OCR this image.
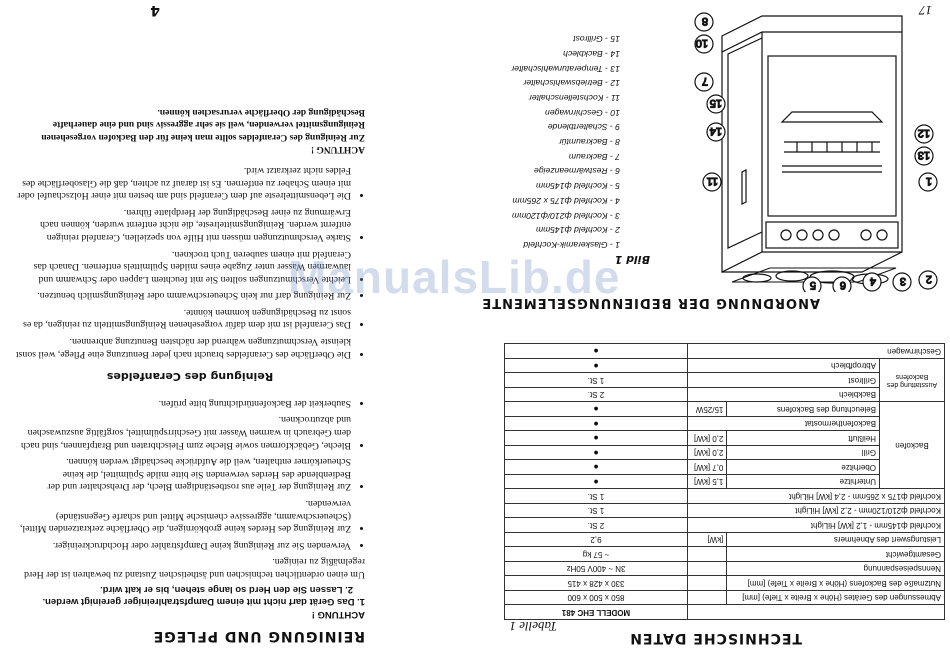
17
4
REINIGUNG UND PFLEGE
ACHTUNG !
1. Das Gerät darf nicht mit einem Dampfstrahlreiniger gereinigt werden.
2. Lassen Sie den Herd so lange stehen, bis er kalt wird.

Um einen ordentlichen technischen und ästhetischen Zustand zu bewahren ist der Herd regelmäßig zu reinigen.

• Verwenden Sie zur Reinigung keine Dampfstrahler oder Hochdruckreiniger.
• Zur Reinigung des Herdes keine grobkörnigen, die Oberfläche zerkratzenden Mittel, (Scheuerschwamm, aggressive chemische Mittel und scharfe Gegenstände) verwenden.
• Zur Reinigung der Teile aus rostbeständigem Blech, der Drehschalter und der Bedienblende des Herdes verwenden Sie bitte milde Spülmittel, die keine Scheuerkörner enthalten, weil die Aufdrücke beschädigt werden können.
• Bleche, Gebäckformen sowie Bleche zum Fleischbraten und Bratpfannen, sind nach dem Gebrauch in warmen Wasser mit Geschirrspülmittel, sorgfältig auszuwaschen und abzutrocknen.
• Sauberkeit der Backofentürdichtung bitte prüfen.
Reinigung des Ceranfeldes
• Die Oberfläche des Ceranfeldes braucht nach jeder Benutzung eine Pflege, weil sonst kleinste Verschmutzungen während der nächsten Benutzung anbrennen.
• Das Ceranfeld ist mit dem dafür vorgesehenen Reinigungsmitteln zu reinigen, da es sonst zu Beschädigungen kommen könnte.
• Zur Reinigung darf nur kein Scheuerschwamm oder Reinigungsmilch benutzen.
• Leichte Verschmutzungen sollten Sie mit feuchtem Lappen oder Schwamm und lauwarmen Wasser unter Zugabe eines milden Spülmittels entfernen. Danach das Ceranfeld mit einem sauberen Tuch trocknen.
• Starke Verschmutzungen müssen mit Hilfe von speziellen, Ceranfeld reinigen entfernt werden. Reinigungsmittelreste, die nicht entfernt wurden, können nach Erwärmung zu einer Beschädigung der Herdplatte führen.
• Die Lebensmittelreste auf dem Ceranfeld sind am besten mit einer Holzschaufel oder mit einem Schaber zu entfernen. Es ist darauf zu achten, daß die Glasoberfläche des Feldes nicht zerkratzt wird.
ACHTUNG !
Zur Reinigung des Ceranfeldes sollte man keine für den Backofen vorgesehenen Reinigungsmittel verwenden, weil sie sehr aggressiv sind und eine dauerhafte Beschädigung der Oberfläche verursachen können.
TECHNISCHE DATEN
Tabelle 1
			MODELL EHC 481
Abmessungen des Gerätes (Höhe x Breite x Tiefe) [mm]			850 x 500 x 600
Nutzmaße des Backofens (Höhe x Breite x Tiefe) [mm]			330 x 428 x 415
Nennspeisespannung			3N ~ 400V 50Hz
Gesamtgewicht			~ 57 kg
Leistungswert des Abnehmers		[kW]	9,2
Kochfeld ф145mm - 1,2 [kW] HiLight			2 St.
Kochfeld ф210/120mm - 2,2 [kW] HiLight			1 St.
Kochfeld ф175 x 265mm - 2,4 [kW] HiLight			1 St.
Backofen	Unterhitze	1,5 [kW]	●
	Oberhitze	0,7 [kW]	●
	Grill	2,0 [kW]	●
	Heißluft	2,0 [kW]	●
	Backofenthermostat		●
	Beleuchtung des Backofens	15/25W	●
Ausstattung des Backofens	Backblech		2 St.
	Grillrost		1 St.
	Abtropfblech		●
Geschirrwagen			●
ANORDNUNG DER BEDIENUNGSELEMENTE
1
2
3
4
5 6
7
8
10
11
12
13
14
15
Bild 1
1 - Glaskeramik-Kochfeld
2 - Kochfeld ф145mm
3 - Kochfeld ф210/ф120mm
4 - Kochfeld ф175 x 265mm
5 - Kochfeld ф145mm
6 - Restwärmeanzeige
7 - Backraum
8 - Backraumtür
9 - Schaltertblende
10 - Geschirrwagen
11 - Kochstellenschalter
12 - Betriebswahlschalter
13 - Temperaturwahlschalter
14 - Backblech
15 - Grillrost
ManualsLib.de
